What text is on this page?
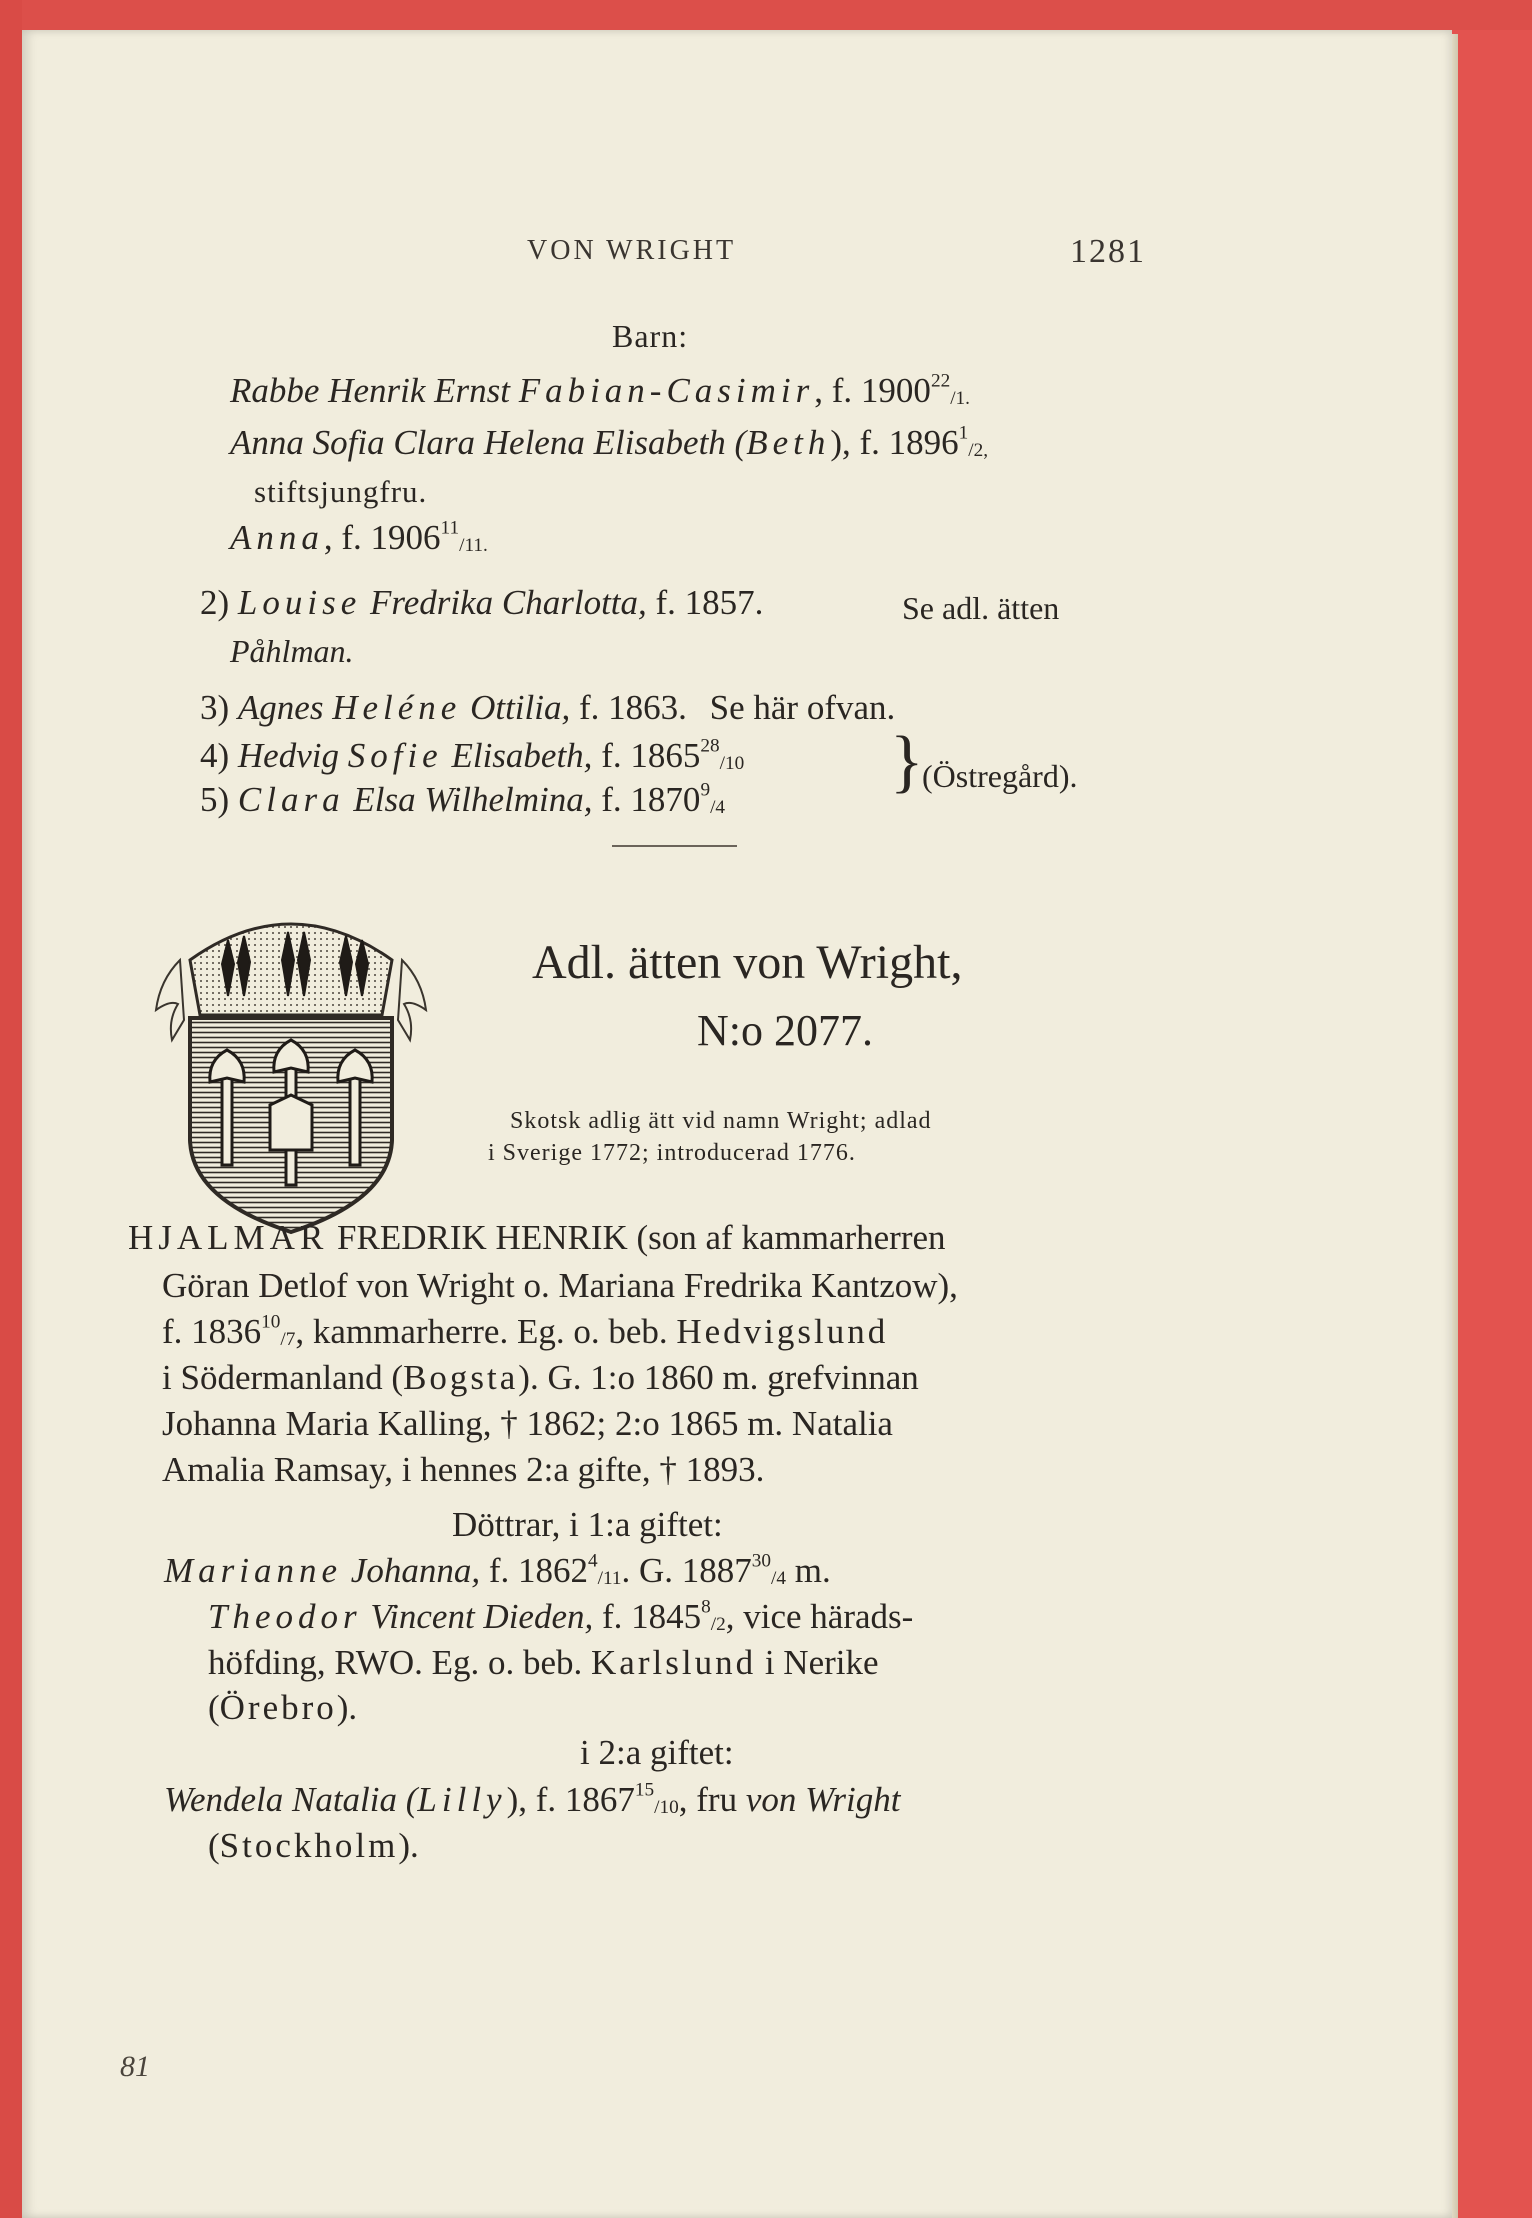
VON WRIGHT	1281
Barn:
Rabbe Henrik Ernst Fabian-Casimir, f. $1900^{22}_{/1.}$
Anna Sofia Clara Helena Elisabeth (Beth), f. $1896^1_{/2,}$
stiftsjungfru.
Anna, f. $1906^{11}_{/11.}$
2) Louise Fredrika Charlotta, f. 1857.	Se adl. ätten
Påhlman.
3) Agnes Heléne Ottilia, f. 1863. Se här ofvan.
4) Hedvig Sofie Elisabeth, f. $1865^{28}_{/10}$
5) Clara Elsa Wilhelmina, f. $1870^9_{/4}$
}
(Östregård).
Adl. ätten von Wright,
N:o 2077.
Skotsk adlig ätt vid namn Wright; adlad
i Sverige 1772; introducerad 1776.
HJALMAR FREDRIK HENRIK (son af kammarherren
Göran Detlof von Wright o. Mariana Fredrika Kantzow),
f. $1836^{10}_{/7}$, kammarherre. Eg. o. beb. Hedvigslund
i Södermanland (Bogsta). G. 1:o 1860 m. grefvinnan
Johanna Maria Kalling, † 1862; 2:o 1865 m. Natalia
Amalia Ramsay, i hennes 2:a gifte, † 1893.
Döttrar, i 1:a giftet:
Marianne Johanna, f. $1862^4_{/11}$. G. $1887^{30}_{/4}$ m.
Theodor Vincent Dieden, f. $1845^8_{/2}$, vice härads-
höfding, RWO. Eg. o. beb. Karlslund i Nerike
(Örebro).
i 2:a giftet:
Wendela Natalia (Lilly), f. $1867^{15}_{/10}$, fru von Wright
(Stockholm).
81
